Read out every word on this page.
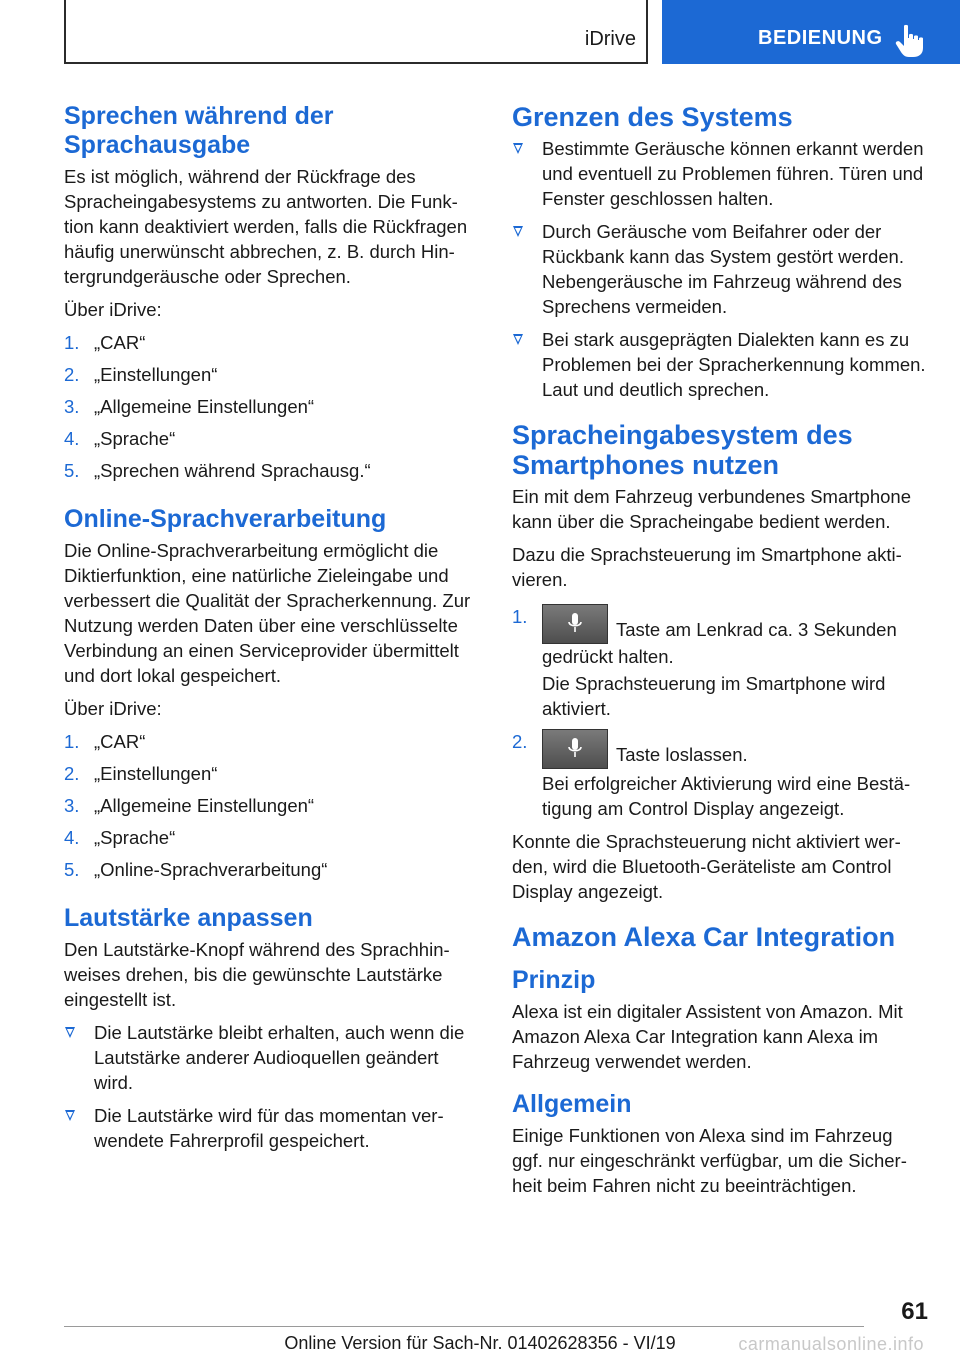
iDrive	BEDIENUNG
Sprechen während der
Sprachausgabe

Es ist möglich, während der Rückfrage des Spracheingabesystems zu antworten. Die Funktion kann deaktiviert werden, falls die Rückfragen häufig unerwünscht abbrechen, z. B. durch Hintergrundgeräusche oder Sprechen.

Über iDrive:

1. „CAR“
2. „Einstellungen“
3. „Allgemeine Einstellungen“
4. „Sprache“
5. „Sprechen während Sprachausg.“
Online-Sprachverarbeitung

Die Online-Sprachverarbeitung ermöglicht die Diktierfunktion, eine natürliche Zieleingabe und verbessert die Qualität der Spracherkennung. Zur Nutzung werden Daten über eine verschlüsselte Verbindung an einen Serviceprovider übermittelt und dort lokal gespeichert.

Über iDrive:

1. „CAR“
2. „Einstellungen“
3. „Allgemeine Einstellungen“
4. „Sprache“
5. „Online-Sprachverarbeitung“
Lautstärke anpassen

Den Lautstärke-Knopf während des Sprachhinweises drehen, bis die gewünschte Lautstärke eingestellt ist.

Die Lautstärke bleibt erhalten, auch wenn die Lautstärke anderer Audioquellen geändert wird.
Die Lautstärke wird für das momentan verwendete Fahrerprofil gespeichert.
Grenzen des Systems
Bestimmte Geräusche können erkannt werden und eventuell zu Problemen führen. Türen und Fenster geschlossen halten.
Durch Geräusche vom Beifahrer oder der Rückbank kann das System gestört werden. Nebengeräusche im Fahrzeug während des Sprechens vermeiden.
Bei stark ausgeprägten Dialekten kann es zu Problemen bei der Spracherkennung kommen. Laut und deutlich sprechen.
Spracheingabesystem des
Smartphones nutzen

Ein mit dem Fahrzeug verbundenes Smartphone kann über die Spracheingabe bedient werden.

Dazu die Sprachsteuerung im Smartphone aktivieren.

1.
Taste am Lenkrad ca. 3 Sekunden gedrückt halten.

Die Sprachsteuerung im Smartphone wird aktiviert.

2.
Taste loslassen.

Bei erfolgreicher Aktivierung wird eine Bestätigung am Control Display angezeigt.

Konnte die Sprachsteuerung nicht aktiviert werden, wird die Bluetooth-Geräteliste am Control Display angezeigt.

Amazon Alexa Car Integration
Prinzip

Alexa ist ein digitaler Assistent von Amazon. Mit Amazon Alexa Car Integration kann Alexa im Fahrzeug verwendet werden.

Allgemein

Einige Funktionen von Alexa sind im Fahrzeug ggf. nur eingeschränkt verfügbar, um die Sicherheit beim Fahren nicht zu beeinträchtigen.

61
Online Version für Sach-Nr. 01402628356 - VI/19	carmanualsonline.info
